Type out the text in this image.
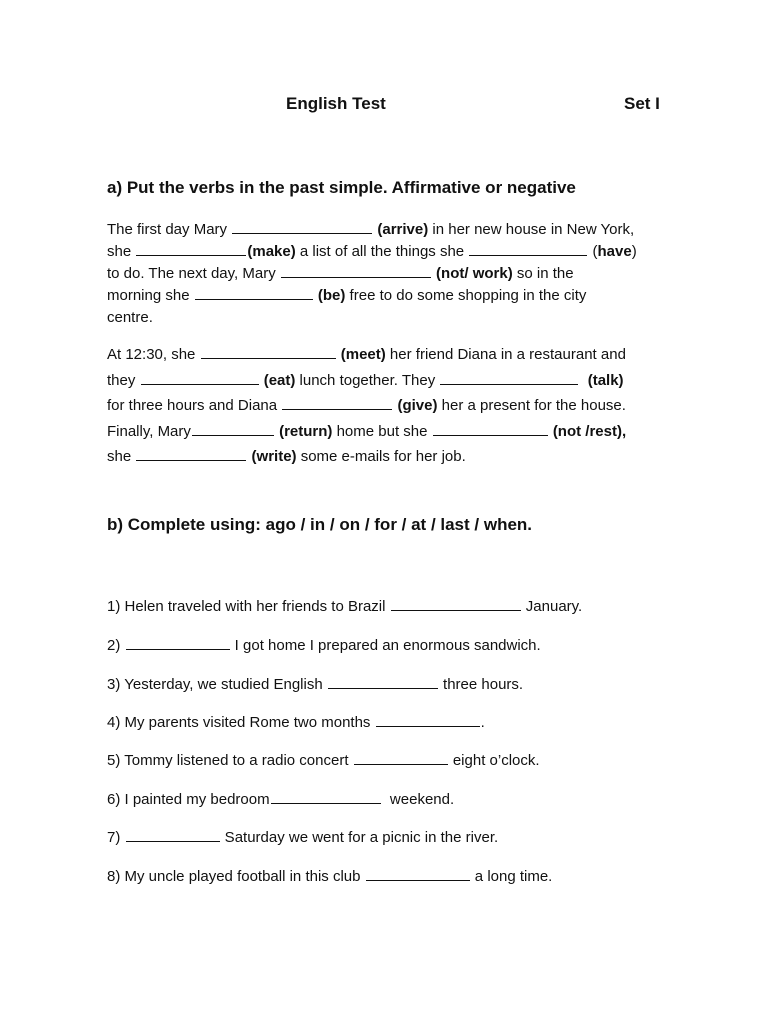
English Test	Set I
a) Put the verbs in the past simple. Affirmative or negative
The first day Mary	(arrive) in her new house in New York,
she	(make) a list of all the things she	(have)
to do. The next day, Mary	(not/ work) so in the
morning she	(be) free to do some shopping in the city
centre.
At 12:30, she	(meet) her friend Diana in a restaurant and
they	(eat) lunch together. They	(talk)
for three hours and Diana	(give) her a present for the house.
Finally, Mary	(return) home but she	(not /rest),
she	(write) some e-mails for her job.
b) Complete using: ago / in / on / for / at / last / when.
1) Helen traveled with her friends to Brazil	January.
2)	I got home I prepared an enormous sandwich.
3) Yesterday, we studied English	three hours.
4) My parents visited Rome two months	.
5) Tommy listened to a radio concert	eight o’clock.
6) I painted my bedroom	weekend.
7)	Saturday we went for a picnic in the river.
8) My uncle played football in this club	a long time.
